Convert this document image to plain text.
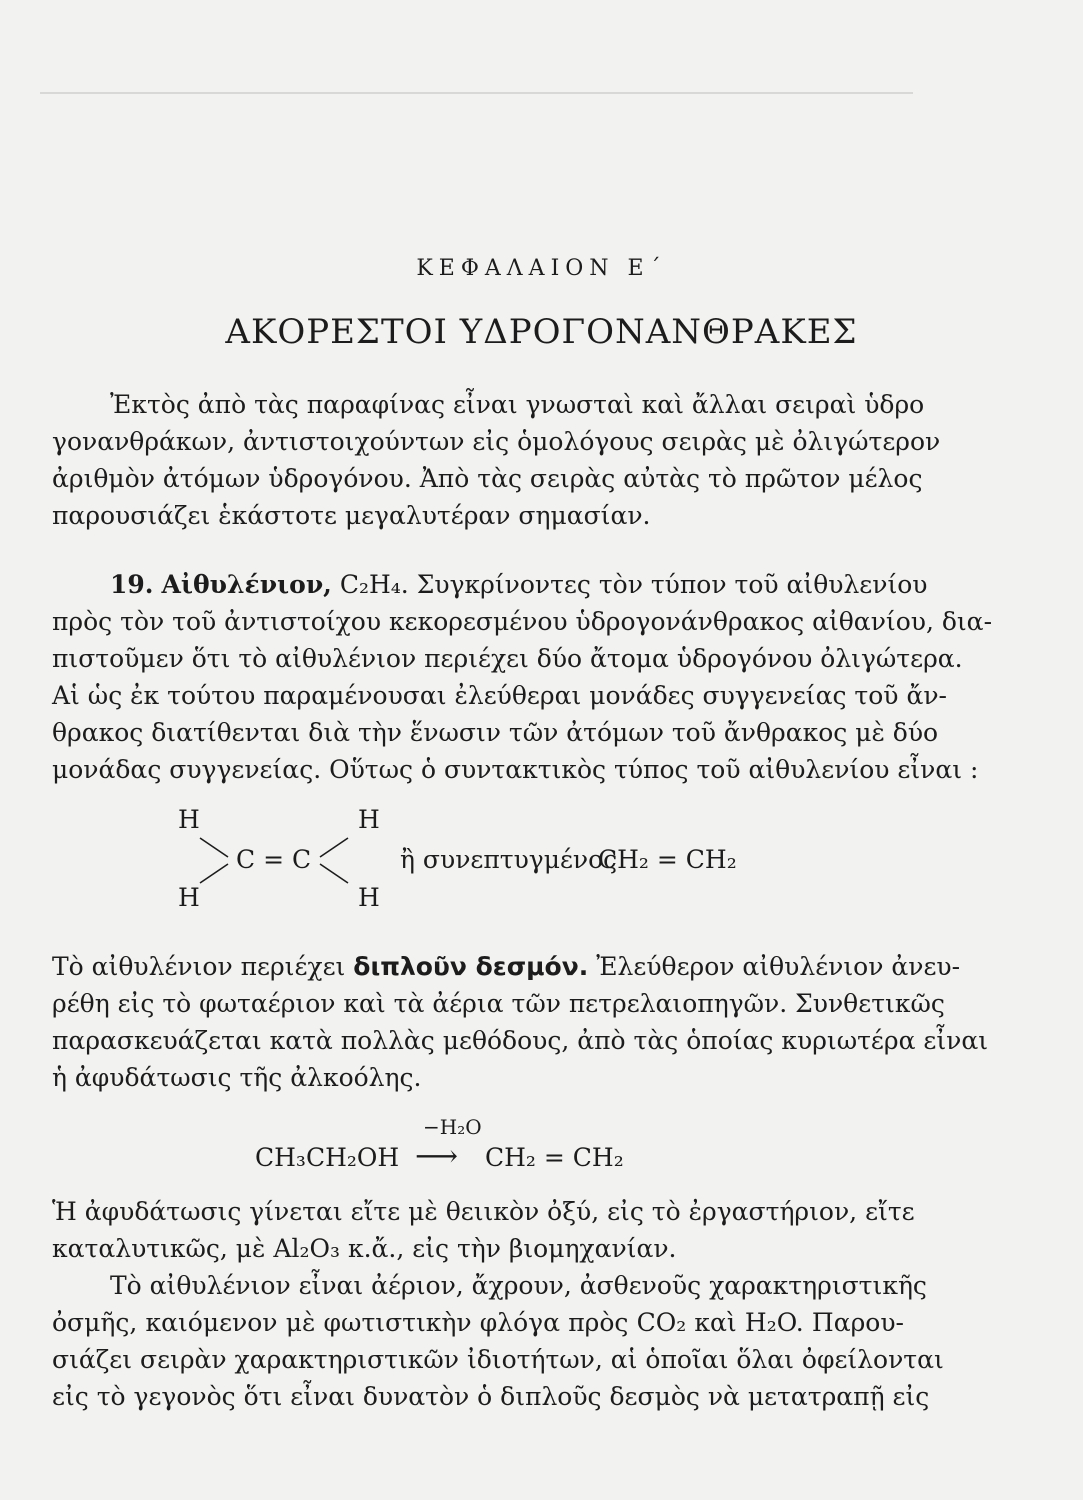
ΚΕΦΑΛΑΙΟΝ Ε΄
ΑΚΟΡΕΣΤΟΙ ΥΔΡΟΓΟΝΑΝΘΡΑΚΕΣ
Ἐκτὸς ἀπὸ τὰς παραφίνας εἶναι γνωσταὶ καὶ ἄλλαι σειραὶ ὑδρο
γονανθράκων, ἀντιστοιχούντων εἰς ὁμολόγους σειρὰς μὲ ὀλιγώτερον
ἀριθμὸν ἀτόμων ὑδρογόνου. Ἀπὸ τὰς σειρὰς αὐτὰς τὸ πρῶτον μέλος
παρουσιάζει ἑκάστοτε μεγαλυτέραν σημασίαν.
19. Αἰθυλένιον, C₂H₄. Συγκρίνοντες τὸν τύπον τοῦ αἰθυλενίου
πρὸς τὸν τοῦ ἀντιστοίχου κεκορεσμένου ὑδρογονάνθρακος αἰθανίου, δια-
πιστοῦμεν ὅτι τὸ αἰθυλένιον περιέχει δύο ἄτομα ὑδρογόνου ὀλιγώτερα.
Αἱ ὡς ἐκ τούτου παραμένουσαι ἐλεύθεραι μονάδες συγγενείας τοῦ ἄν-
θρακος διατίθενται διὰ τὴν ἕνωσιν τῶν ἀτόμων τοῦ ἄνθρακος μὲ δύο
μονάδας συγγενείας. Οὕτως ὁ συντακτικὸς τύπος τοῦ αἰθυλενίου εἶναι :
H
H
H
H
C = C	ἢ συνεπτυγμένος
CH₂ = CH₂
Τὸ αἰθυλένιον περιέχει διπλοῦν δεσμόν. Ἐλεύθερον αἰθυλένιον ἀνευ-
ρέθη εἰς τὸ φωταέριον καὶ τὰ ἀέρια τῶν πετρελαιοπηγῶν. Συνθετικῶς
παρασκευάζεται κατὰ πολλὰς μεθόδους, ἀπὸ τὰς ὁποίας κυριωτέρα εἶναι
ἡ ἀφυδάτωσις τῆς ἀλκοόλης.
−H₂O
CH₃CH₂OH ⟶ CH₂ = CH₂
Ἡ ἀφυδάτωσις γίνεται εἴτε μὲ θειικὸν ὀξύ, εἰς τὸ ἐργαστήριον, εἴτε
καταλυτικῶς, μὲ Al₂O₃ κ.ἄ., εἰς τὴν βιομηχανίαν.
Τὸ αἰθυλένιον εἶναι ἀέριον, ἄχρουν, ἀσθενοῦς χαρακτηριστικῆς
ὀσμῆς, καιόμενον μὲ φωτιστικὴν φλόγα πρὸς CO₂ καὶ H₂O. Παρου-
σιάζει σειρὰν χαρακτηριστικῶν ἰδιοτήτων, αἱ ὁποῖαι ὅλαι ὀφείλονται
εἰς τὸ γεγονὸς ὅτι εἶναι δυνατὸν ὁ διπλοῦς δεσμὸς νὰ μετατραπῇ εἰς
